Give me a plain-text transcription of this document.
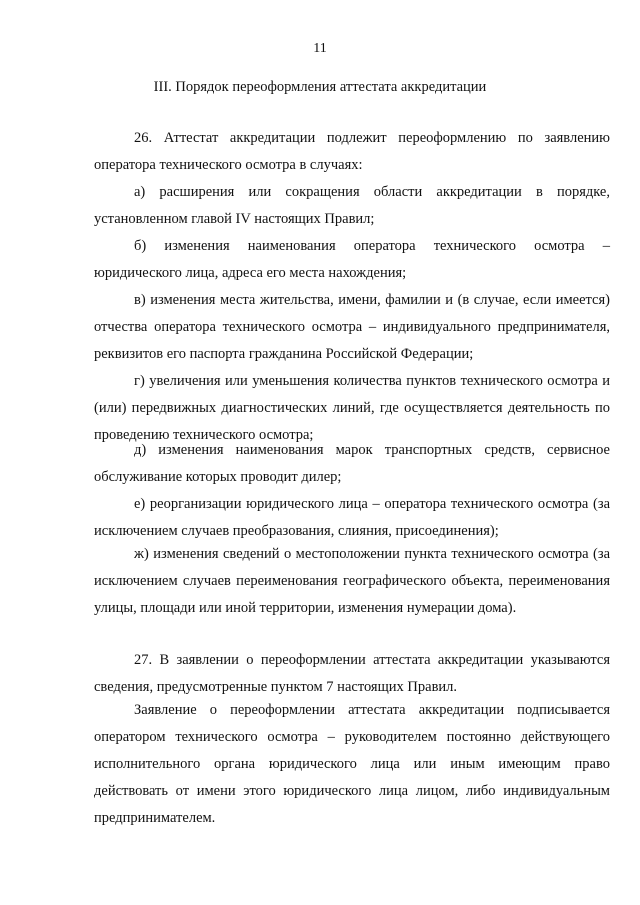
11
III. Порядок переоформления аттестата аккредитации

26. Аттестат аккредитации подлежит переоформлению по заявлению оператора технического осмотра в случаях:

а) расширения или сокращения области аккредитации в порядке, установленном главой IV настоящих Правил;

б) изменения наименования оператора технического осмотра – юридического лица, адреса его места нахождения;

в) изменения места жительства, имени, фамилии и (в случае, если имеется) отчества оператора технического осмотра – индивидуального предпринимателя, реквизитов его паспорта гражданина Российской Федерации;

г) увеличения или уменьшения количества пунктов технического осмотра и (или) передвижных диагностических линий, где осуществляется деятельность по проведению технического осмотра;

д) изменения наименования марок транспортных средств, сервисное обслуживание которых проводит дилер;

е) реорганизации юридического лица – оператора технического осмотра (за исключением случаев преобразования, слияния, присоединения);

ж) изменения сведений о местоположении пункта технического осмотра (за исключением случаев переименования географического объекта, переименования улицы, площади или иной территории, изменения нумерации дома).

27. В заявлении о переоформлении аттестата аккредитации указываются сведения, предусмотренные пунктом 7 настоящих Правил.

Заявление о переоформлении аттестата аккредитации подписывается оператором технического осмотра – руководителем постоянно действующего исполнительного органа юридического лица или иным имеющим право действовать от имени этого юридического лица лицом, либо индивидуальным предпринимателем.
